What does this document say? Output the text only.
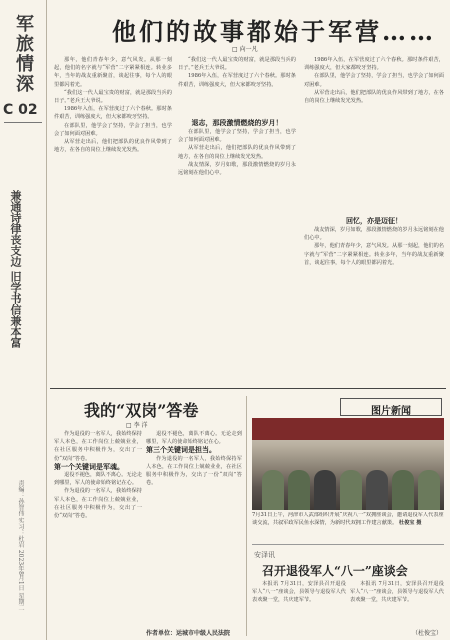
军旅情深
C 02
兼通诗律丧支边 旧学书信兼本富
责编：孙智伟 实习：杜岩 2023年8月1日 星期二
他们的故事都始于军营……
□ 向一凡

那年，他们青春年少，意气风发。从那一刻起，他们的名字就与“军营”二字紧紧相连。转业多年，当年的战友重新聚首，谈起往事，每个人的眼里都闪着光。

“我们这一代人最宝贵的财富，就是那段当兵的日子。”老兵王大爷说。

1986年入伍，在军营度过了六个春秋。那时条件艰苦，训练强度大，但大家都咬牙坚持。

在部队里，他学会了坚持，学会了担当，也学会了如何面对困难。

从军营走出后，他们把部队的优良作风带到了地方，在各自的岗位上继续发光发热。

“我们这一代人最宝贵的财富，就是那段当兵的日子。”老兵王大爷说。

1986年入伍，在军营度过了六个春秋。那时条件艰苦，训练强度大，但大家都咬牙坚持。

退志，那段激情燃烧的岁月！

在部队里，他学会了坚持，学会了担当，也学会了如何面对困难。

从军营走出后，他们把部队的优良作风带到了地方，在各自的岗位上继续发光发热。

战友情深，岁月如歌，那段激情燃烧的岁月永远铭刻在他们心中。

1986年入伍，在军营度过了六个春秋。那时条件艰苦，训练强度大，但大家都咬牙坚持。

在部队里，他学会了坚持，学会了担当，也学会了如何面对困难。

从军营走出后，他们把部队的优良作风带到了地方，在各自的岗位上继续发光发热。

回忆，亦是迈征！

战友情深，岁月如歌，那段激情燃烧的岁月永远铭刻在他们心中。

那年，他们青春年少，意气风发。从那一刻起，他们的名字就与“军营”二字紧紧相连。转业多年，当年的战友重新聚首，谈起往事，每个人的眼里都闪着光。

我的“双岗”答卷
□ 李 洋

作为退役的一名军人，我始终保持军人本色，在工作岗位上兢兢业业，在社区服务中积极作为，交出了一份“双岗”答卷。

第一个关键词是军魂。

退役不褪色，离队不离心。无论走到哪里，军人的使命始终铭记在心。

作为退役的一名军人，我始终保持军人本色，在工作岗位上兢兢业业，在社区服务中积极作为，交出了一份“双岗”答卷。

退役不褪色，离队不离心。无论走到哪里，军人的使命始终铭记在心。

第三个关键词是担当。

作为退役的一名军人，我始终保持军人本色，在工作岗位上兢兢业业，在社区服务中积极作为，交出了一份“双岗”答卷。

作者单位：运城市中级人民法院
图片新闻
7月31日上午，河津市人武部组织开展“庆祝八一”双拥座谈会，邀请退役军人代表座谈交流，共叙军政军民鱼水深情，为新时代双拥工作建言献策。 杜俊宝 摄
安泽讯
召开退役军人“八一”座谈会

本报讯 7月31日，安泽县召开退役军人“八一”座谈会，县领导与退役军人代表欢聚一堂，共庆建军节。

本报讯 7月31日，安泽县召开退役军人“八一”座谈会，县领导与退役军人代表欢聚一堂，共庆建军节。

（杜俊宝）
